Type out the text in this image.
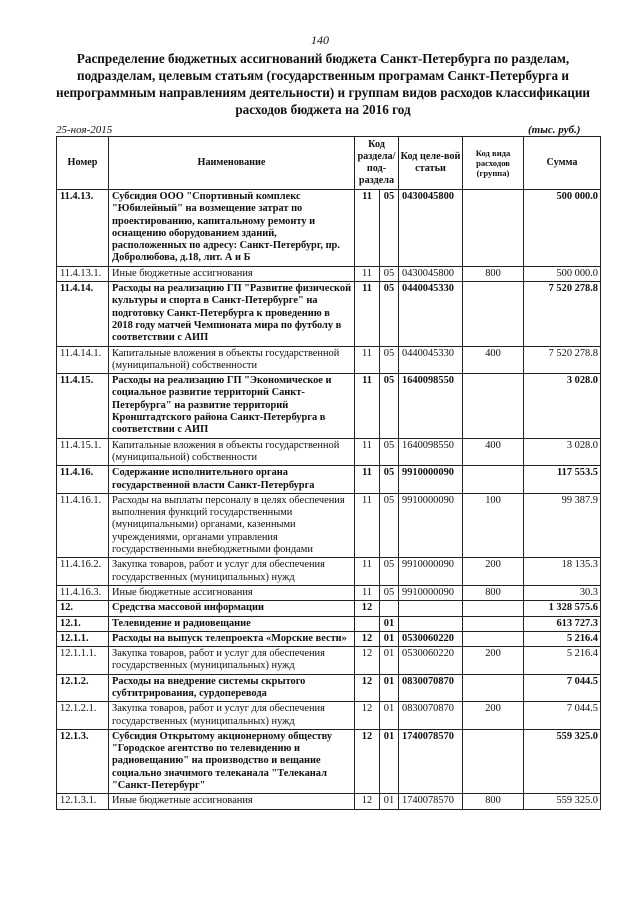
140
Распределение бюджетных ассигнований бюджета Санкт-Петербурга по разделам, подразделам, целевым статьям (государственным програмам Санкт-Петербурга и непрограммным направлениям деятельности) и группам видов расходов классификации расходов бюджета на 2016 год
25-ноя-2015	(тыс. руб.)
Номер	Наименование	Код раздела/ под-раздела		Код целе-вой статьи	Код вида расходов (группа)	Сумма
11.4.13.	Субсидия ООО "Спортивный комплекс "Юбилейный" на возмещение затрат по проектированию, капитальному ремонту и оснащению оборудованием зданий, расположенных по адресу: Санкт-Петербург, пр. Добролюбова, д.18, лит. А и Б	11	05	0430045800		500 000.0
11.4.13.1.	Иные бюджетные ассигнования	11	05	0430045800	800	500 000.0
11.4.14.	Расходы на реализацию ГП "Развитие физической культуры и спорта в Санкт-Петербурге" на подготовку Санкт-Петербурга к проведению в 2018 году матчей Чемпионата мира по футболу в соответствии с АИП	11	05	0440045330		7 520 278.8
11.4.14.1.	Капитальные вложения в объекты государственной (муниципальной) собственности	11	05	0440045330	400	7 520 278.8
11.4.15.	Расходы на реализацию ГП "Экономическое и социальное развитие территорий Санкт-Петербурга" на развитие территорий Кронштадтского района Санкт-Петербурга в соответствии с АИП	11	05	1640098550		3 028.0
11.4.15.1.	Капитальные вложения в объекты государственной (муниципальной) собственности	11	05	1640098550	400	3 028.0
11.4.16.	Содержание исполнительного органа государственной власти Санкт-Петербурга	11	05	9910000090		117 553.5
11.4.16.1.	Расходы на выплаты персоналу в целях обеспечения выполнения функций государственными (муниципальными) органами, казенными учреждениями, органами управления государственными внебюджетными фондами	11	05	9910000090	100	99 387.9
11.4.16.2.	Закупка товаров, работ и услуг для обеспечения государственных (муниципальных) нужд	11	05	9910000090	200	18 135.3
11.4.16.3.	Иные бюджетные ассигнования	11	05	9910000090	800	30.3
12.	Средства массовой информации	12				1 328 575.6
12.1.	Телевидение и радиовещание		01			613 727.3
12.1.1.	Расходы на выпуск телепроекта «Морские вести»	12	01	0530060220		5 216.4
12.1.1.1.	Закупка товаров, работ и услуг для обеспечения государственных (муниципальных) нужд	12	01	0530060220	200	5 216.4
12.1.2.	Расходы на внедрение системы скрытого субтитрирования, сурдоперевода	12	01	0830070870		7 044.5
12.1.2.1.	Закупка товаров, работ и услуг для обеспечения государственных (муниципальных) нужд	12	01	0830070870	200	7 044.5
12.1.3.	Субсидия Открытому акционерному обществу "Городское агентство по телевидению и радиовещанию" на производство и вещание социально значимого телеканала "Телеканал "Санкт-Петербург"	12	01	1740078570		559 325.0
12.1.3.1.	Иные бюджетные ассигнования	12	01	1740078570	800	559 325.0
